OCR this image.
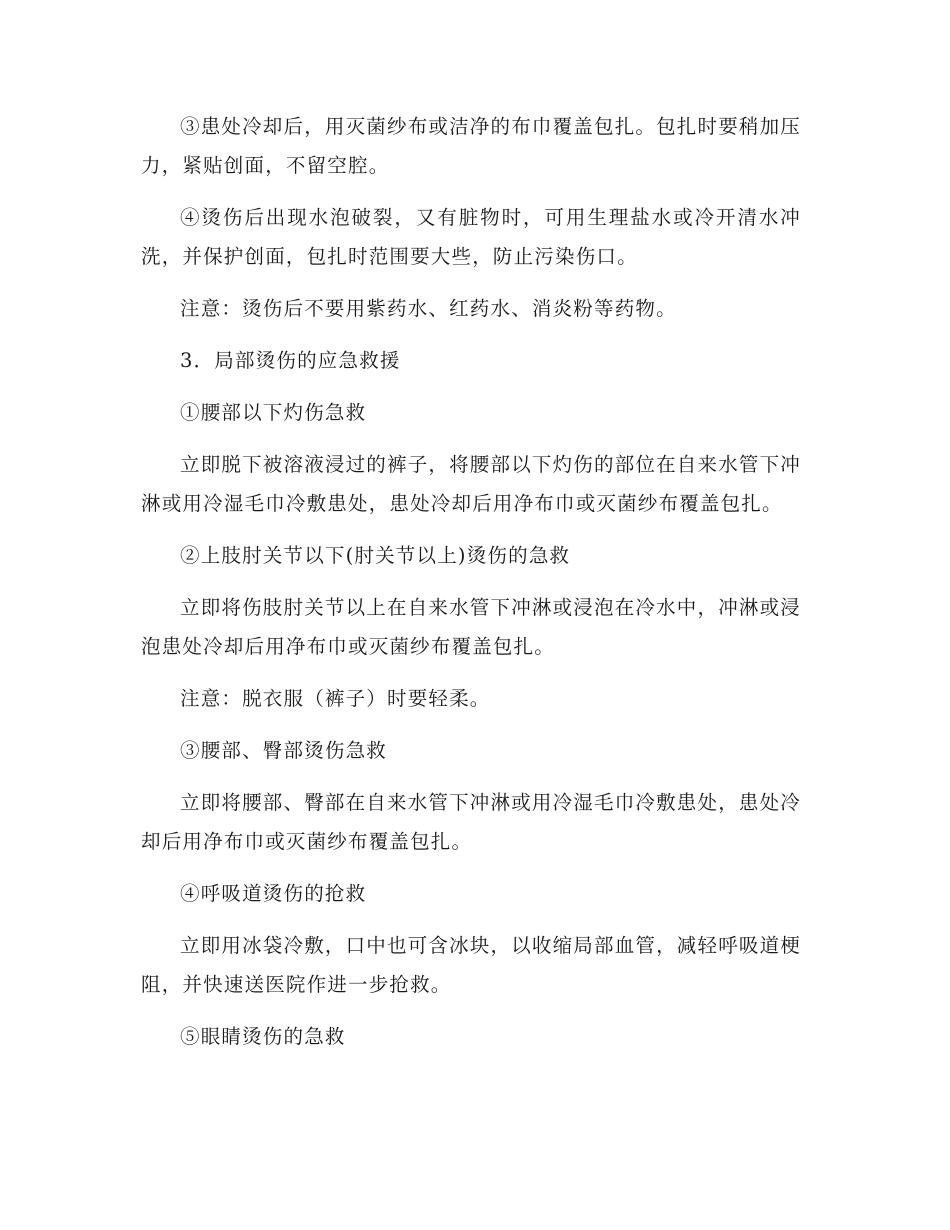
③患处冷却后，用灭菌纱布或洁净的布巾覆盖包扎。包扎时要稍加压力，紧贴创面，不留空腔。

④烫伤后出现水泡破裂，又有脏物时，可用生理盐水或冷开清水冲洗，并保护创面，包扎时范围要大些，防止污染伤口。

注意：烫伤后不要用紫药水、红药水、消炎粉等药物。

3．局部烫伤的应急救援

①腰部以下灼伤急救

立即脱下被溶液浸过的裤子，将腰部以下灼伤的部位在自来水管下冲淋或用冷湿毛巾冷敷患处，患处冷却后用净布巾或灭菌纱布覆盖包扎。

②上肢肘关节以下(肘关节以上)烫伤的急救

立即将伤肢肘关节以上在自来水管下冲淋或浸泡在冷水中，冲淋或浸泡患处冷却后用净布巾或灭菌纱布覆盖包扎。

注意：脱衣服（裤子）时要轻柔。

③腰部、臀部烫伤急救

立即将腰部、臀部在自来水管下冲淋或用冷湿毛巾冷敷患处，患处冷却后用净布巾或灭菌纱布覆盖包扎。

④呼吸道烫伤的抢救

立即用冰袋冷敷，口中也可含冰块，以收缩局部血管，减轻呼吸道梗阻，并快速送医院作进一步抢救。

⑤眼睛烫伤的急救
